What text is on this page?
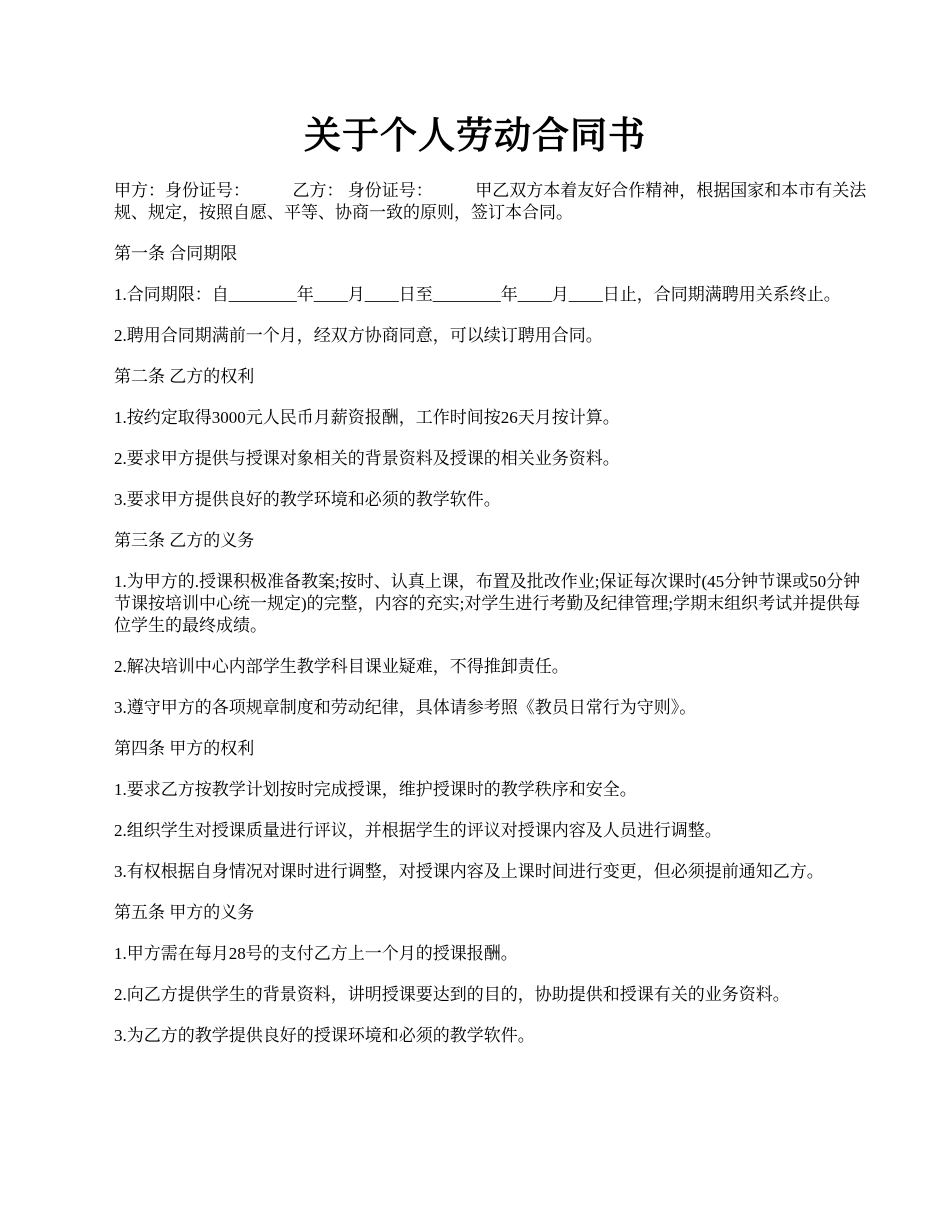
关于个人劳动合同书

甲方：身份证号：　　　乙方： 身份证号：　　　甲乙双方本着友好合作精神，根据国家和本市有关法规、规定，按照自愿、平等、协商一致的原则，签订本合同。

第一条 合同期限

1.合同期限：自________年____月____日至________年____月____日止，合同期满聘用关系终止。

2.聘用合同期满前一个月，经双方协商同意，可以续订聘用合同。

第二条 乙方的权利

1.按约定取得3000元人民币月薪资报酬，工作时间按26天月按计算。

2.要求甲方提供与授课对象相关的背景资料及授课的相关业务资料。

3.要求甲方提供良好的教学环境和必须的教学软件。

第三条 乙方的义务

1.为甲方的.授课积极准备教案;按时、认真上课，布置及批改作业;保证每次课时(45分钟节课或50分钟节课按培训中心统一规定)的完整，内容的充实;对学生进行考勤及纪律管理;学期末组织考试并提供每位学生的最终成绩。

2.解决培训中心内部学生教学科目课业疑难，不得推卸责任。

3.遵守甲方的各项规章制度和劳动纪律，具体请参考照《教员日常行为守则》。

第四条 甲方的权利

1.要求乙方按教学计划按时完成授课，维护授课时的教学秩序和安全。

2.组织学生对授课质量进行评议，并根据学生的评议对授课内容及人员进行调整。

3.有权根据自身情况对课时进行调整，对授课内容及上课时间进行变更，但必须提前通知乙方。

第五条 甲方的义务

1.甲方需在每月28号的支付乙方上一个月的授课报酬。

2.向乙方提供学生的背景资料，讲明授课要达到的目的，协助提供和授课有关的业务资料。

3.为乙方的教学提供良好的授课环境和必须的教学软件。
